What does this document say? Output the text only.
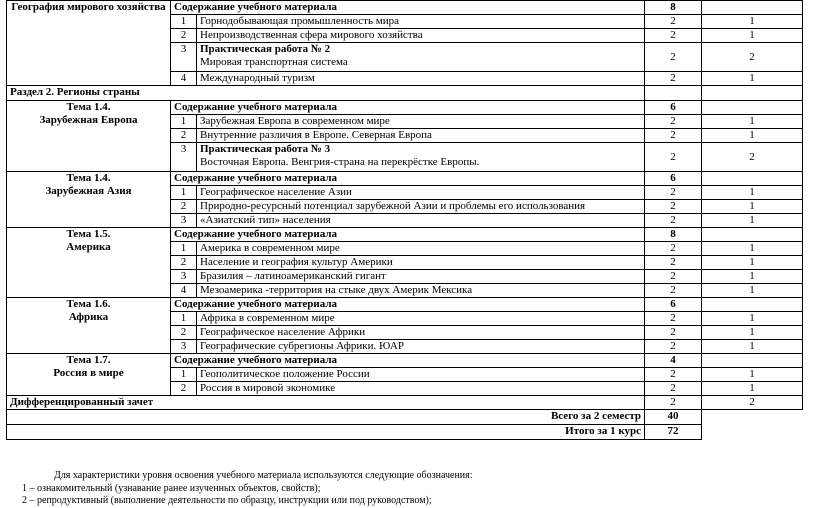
География мирового хозяйства	Содержание учебного материала		8	
	1	Горнодобывающая промышленность мира	2	1
	2	Непроизводственная сфера мирового хозяйства	2	1
	3	Практическая работа № 2
Мировая транспортная система	2	2
	4	Международный туризм	2	1
Раздел 2. Регионы страны				
Тема 1.4.
Зарубежная Европа	Содержание учебного материала		6	
	1	Зарубежная Европа в современном мире	2	1
	2	Внутренние различия в Европе. Северная Европа	2	1
	3	Практическая работа № 3
Восточная Европа. Венгрия-страна на перекрёстке Европы.	2	2
Тема 1.4.
Зарубежная Азия	Содержание учебного материала		6	
	1	Географическое население Азии	2	1
	2	Природно-ресурсный потенциал зарубежной Азии и проблемы его использования	2	1
	3	«Азиатский тип» населения	2	1
Тема 1.5.
Америка	Содержание учебного материала		8	
	1	Америка в современном мире	2	1
	2	Население и география культур Америки	2	1
	3	Бразилия – латиноамериканский гигант	2	1
	4	Мезоамерика -территория на стыке двух Америк Мексика	2	1
Тема 1.6.
Африка	Содержание учебного материала		6	
	1	Африка в современном мире	2	1
	2	Географическое население Африки	2	1
	3	Географические субрегионы Африки. ЮАР	2	1
Тема 1.7.
Россия в мире	Содержание учебного материала		4	
	1	Геополитическое положение России	2	1
	2	Россия в мировой экономике	2	1
Дифференцированный зачет			2	2
Всего за 2 семестр			40	
Итого за 1 курс			72	
Для характеристики уровня освоения учебного материала используются следующие обозначения:
1 – ознакомительный (узнавание ранее изученных объектов, свойств);
2 – репродуктивный (выполнение деятельности по образцу, инструкции или под руководством);
